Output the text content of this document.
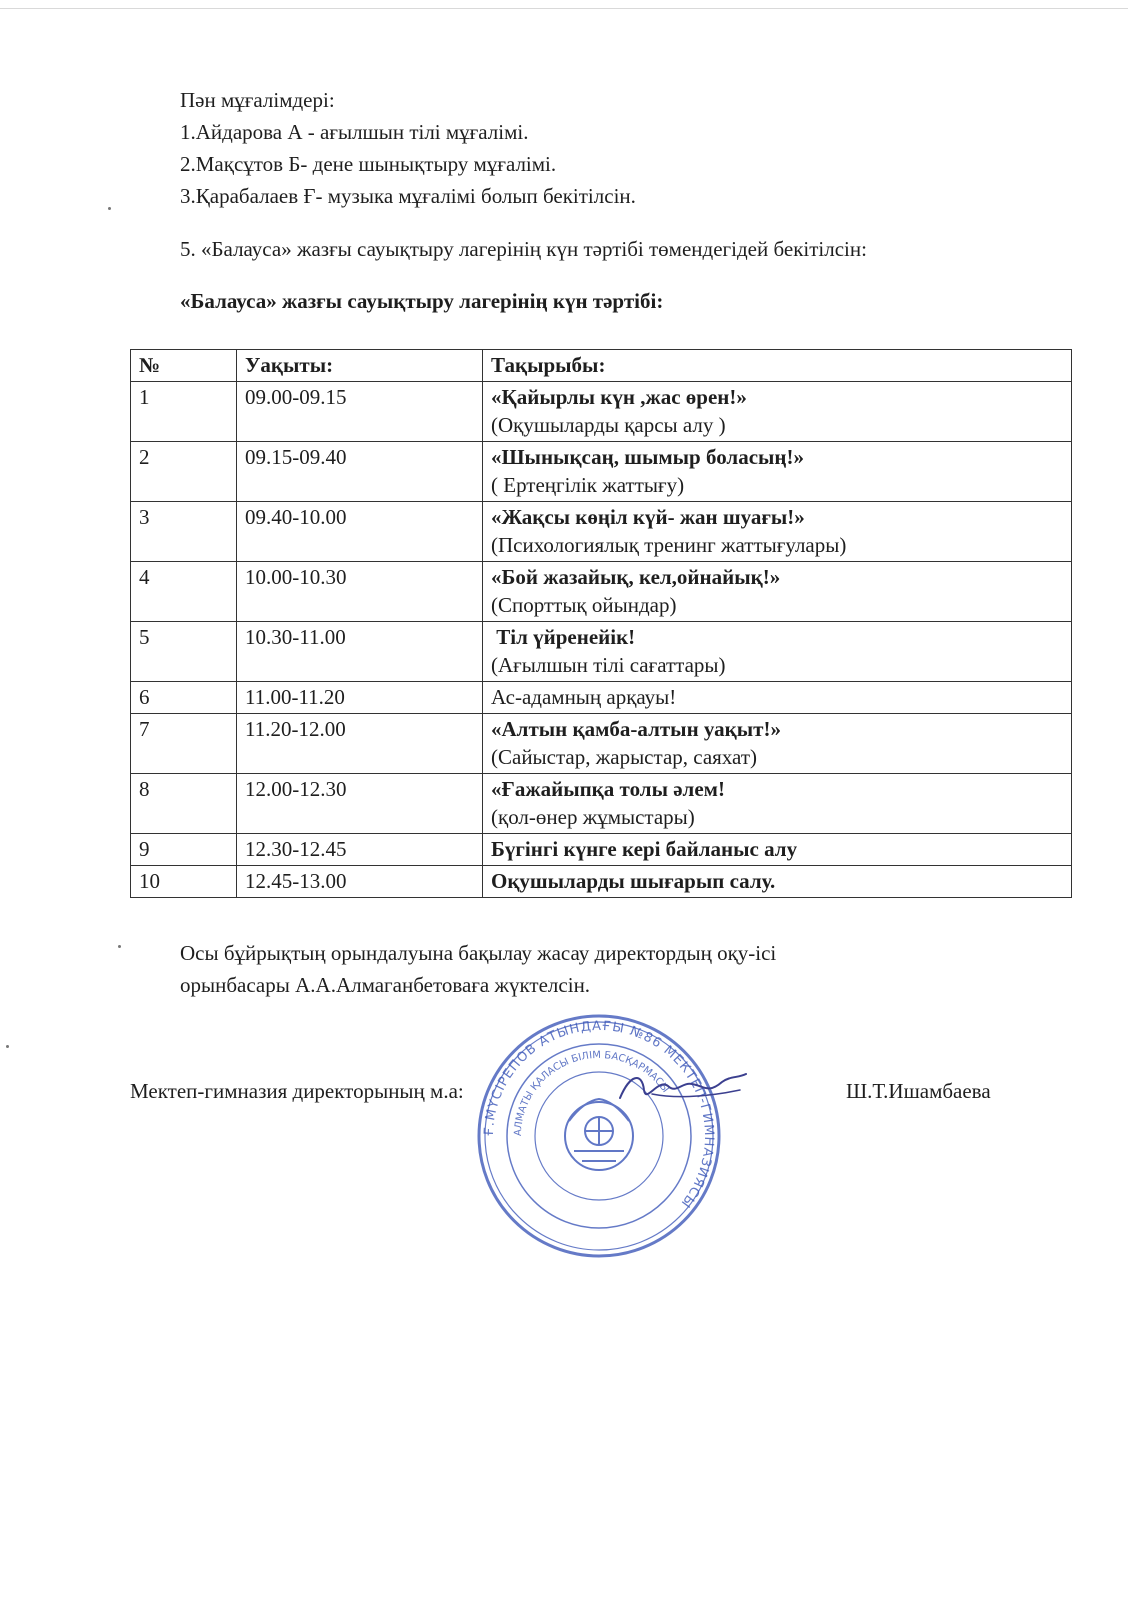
Пән мұғалімдері:
1.Айдарова А - ағылшын тілі мұғалімі.
2.Мақсұтов Б- дене шынықтыру мұғалімі.
3.Қарабалаев Ғ- музыка мұғалімі болып бекітілсін.
5. «Балауса» жазғы сауықтыру лагерінің күн тәртібі төмендегідей бекітілсін:
«Балауса» жазғы сауықтыру лагерінің күн тәртібі:
№	Уақыты:	Тақырыбы:
1	09.00-09.15	«Қайырлы күн ,жас өрен!»
(Оқушыларды қарсы алу )

2	09.15-09.40	«Шынықсаң, шымыр боласың!»
( Ертеңгілік жаттығу)

3	09.40-10.00	«Жақсы көңіл күй- жан шуағы!»
(Психологиялық тренинг жаттығулары)

4	10.00-10.30	«Бой жазайық, кел,ойнайық!»
(Спорттық ойындар)

5	10.30-11.00	Тіл үйренейік!
(Ағылшын тілі сағаттары)

6	11.00-11.20	Ас-адамның арқауы!

7	11.20-12.00	«Алтын қамба-алтын уақыт!»
(Сайыстар, жарыстар, саяхат)

8	12.00-12.30	«Ғажайыпқа толы әлем!
(қол-өнер жұмыстары)

9	12.30-12.45	Бүгінгі күнге кері байланыс алу

10	12.45-13.00	Оқушыларды шығарып салу.
Осы бұйрықтың орындалуына бақылау жасау директордың оқу-ісі
орынбасары А.А.Алмаганбетоваға жүктелсін.
Ғ.МҮСІРЕПОВ АТЫНДАҒЫ №86 МЕКТЕП-ГИМНАЗИЯСЫ
АЛМАТЫ ҚАЛАСЫ БІЛІМ БАСҚАРМАСЫ
Мектеп-гимназия директорының м.а:	Ш.Т.Ишамбаева
